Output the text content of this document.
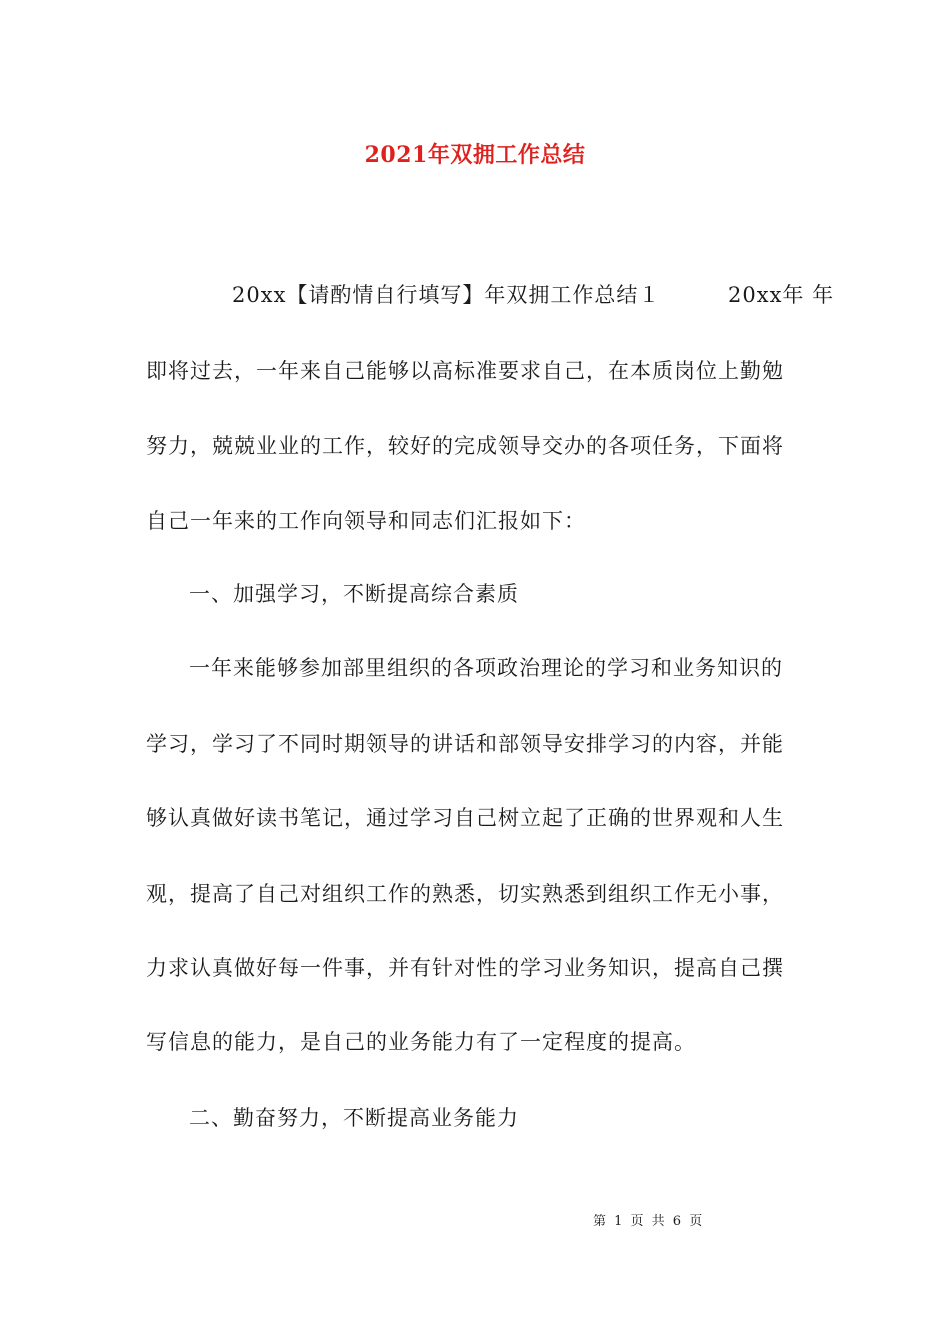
2021年双拥工作总结
20xx【请酌情自行填写】年双拥工作总结１	20xx年 年
即将过去，一年来自己能够以高标准要求自己，在本质岗位上勤勉
努力，兢兢业业的工作，较好的完成领导交办的各项任务，下面将
自己一年来的工作向领导和同志们汇报如下：
一、加强学习，不断提高综合素质
一年来能够参加部里组织的各项政治理论的学习和业务知识的
学习，学习了不同时期领导的讲话和部领导安排学习的内容，并能
够认真做好读书笔记，通过学习自己树立起了正确的世界观和人生
观，提高了自己对组织工作的熟悉，切实熟悉到组织工作无小事，
力求认真做好每一件事，并有针对性的学习业务知识，提高自己撰
写信息的能力，是自己的业务能力有了一定程度的提高。
二、勤奋努力，不断提高业务能力
第 1 页 共 6 页
